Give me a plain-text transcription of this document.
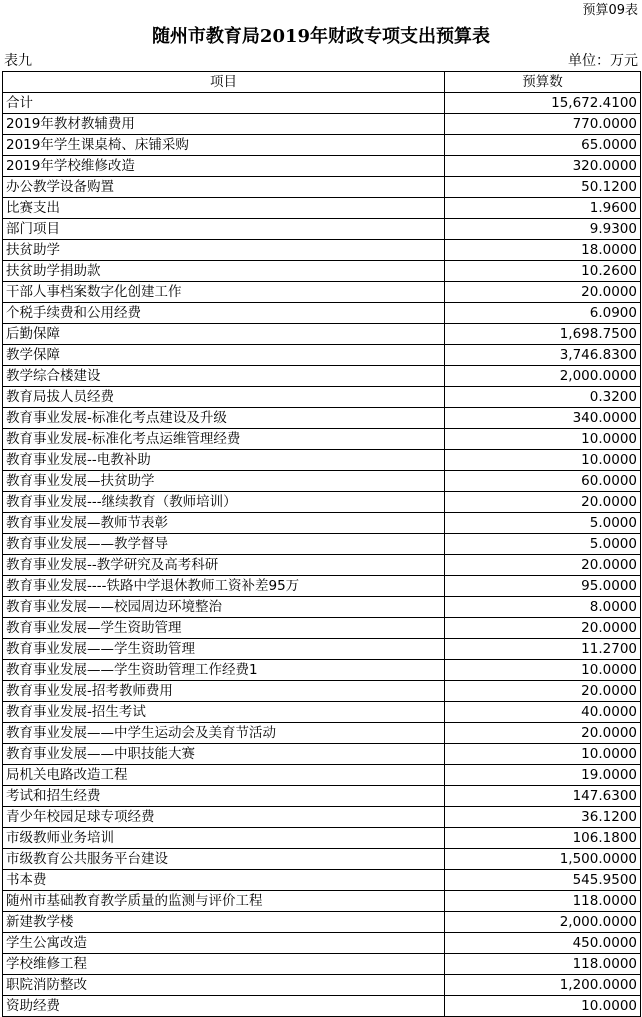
预算09表
随州市教育局2019年财政专项支出预算表
表九	单位：万元
项目	预算数
合计	15,672.4100
2019年教材教辅费用	770.0000
2019年学生课桌椅、床铺采购	65.0000
2019年学校维修改造	320.0000
办公教学设备购置	50.1200
比赛支出	1.9600
部门项目	9.9300
扶贫助学	18.0000
扶贫助学捐助款	10.2600
干部人事档案数字化创建工作	20.0000
个税手续费和公用经费	6.0900
后勤保障	1,698.7500
教学保障	3,746.8300
教学综合楼建设	2,000.0000
教育局拔人员经费	0.3200
教育事业发展-标准化考点建设及升级	340.0000
教育事业发展-标准化考点运维管理经费	10.0000
教育事业发展--电教补助	10.0000
教育事业发展—扶贫助学	60.0000
教育事业发展---继续教育（教师培训）	20.0000
教育事业发展—教师节表彰	5.0000
教育事业发展——教学督导	5.0000
教育事业发展--教学研究及高考科研	20.0000
教育事业发展----铁路中学退休教师工资补差95万	95.0000
教育事业发展——校园周边环境整治	8.0000
教育事业发展—学生资助管理	20.0000
教育事业发展——学生资助管理	11.2700
教育事业发展——学生资助管理工作经费1	10.0000
教育事业发展-招考教师费用	20.0000
教育事业发展-招生考试	40.0000
教育事业发展——中学生运动会及美育节活动	20.0000
教育事业发展——中职技能大赛	10.0000
局机关电路改造工程	19.0000
考试和招生经费	147.6300
青少年校园足球专项经费	36.1200
市级教师业务培训	106.1800
市级教育公共服务平台建设	1,500.0000
书本费	545.9500
随州市基础教育教学质量的监测与评价工程	118.0000
新建教学楼	2,000.0000
学生公寓改造	450.0000
学校维修工程	118.0000
职院消防整改	1,200.0000
资助经费	10.0000
